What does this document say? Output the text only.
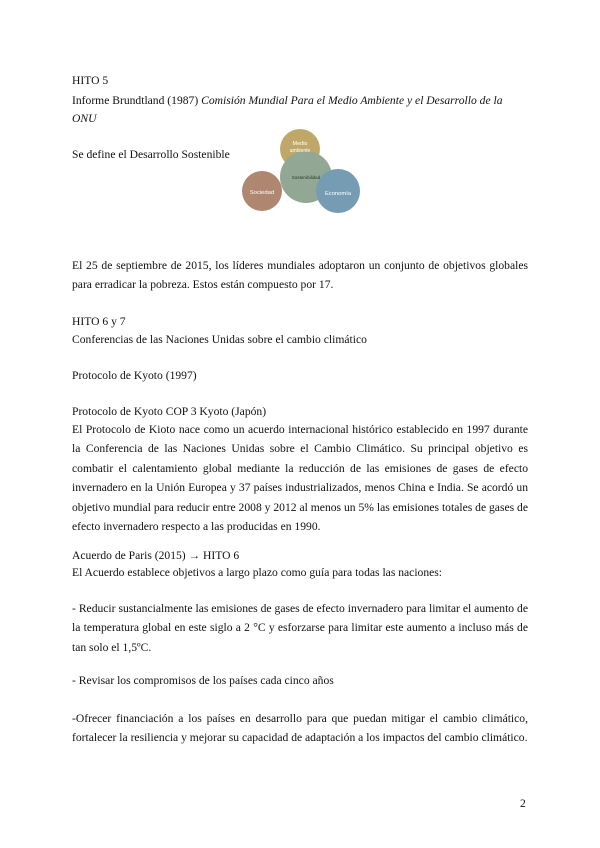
HITO 5
Informe Brundtland (1987) Comisión Mundial Para el Medio Ambiente y el Desarrollo de la
ONU
Se define el Desarrollo Sostenible
Medio
ambiente
Sostenibilidad
Sociedad	Economía
El 25 de septiembre de 2015, los líderes mundiales adoptaron un conjunto de objetivos globales para erradicar la pobreza. Estos están compuesto por 17.
HITO 6 y 7
Conferencias de las Naciones Unidas sobre el cambio climático
Protocolo de Kyoto (1997)
Protocolo de Kyoto COP 3 Kyoto (Japón)
El Protocolo de Kioto nace como un acuerdo internacional histórico establecido en 1997 durante la Conferencia de las Naciones Unidas sobre el Cambio Climático. Su principal objetivo es combatir el calentamiento global mediante la reducción de las emisiones de gases de efecto invernadero en la Unión Europea y 37 países industrializados, menos China e India. Se acordó un objetivo mundial para reducir entre 2008 y 2012 al menos un 5% las emisiones totales de gases de efecto invernadero respecto a las producidas en 1990.
Acuerdo de Paris (2015) → HITO 6
El Acuerdo establece objetivos a largo plazo como guía para todas las naciones:
- Reducir sustancialmente las emisiones de gases de efecto invernadero para limitar el aumento de la temperatura global en este siglo a 2 °C y esforzarse para limitar este aumento a incluso más de tan solo el 1,5ºC.
- Revisar los compromisos de los países cada cinco años
-Ofrecer financiación a los países en desarrollo para que puedan mitigar el cambio climático, fortalecer la resiliencia y mejorar su capacidad de adaptación a los impactos del cambio climático.
2
